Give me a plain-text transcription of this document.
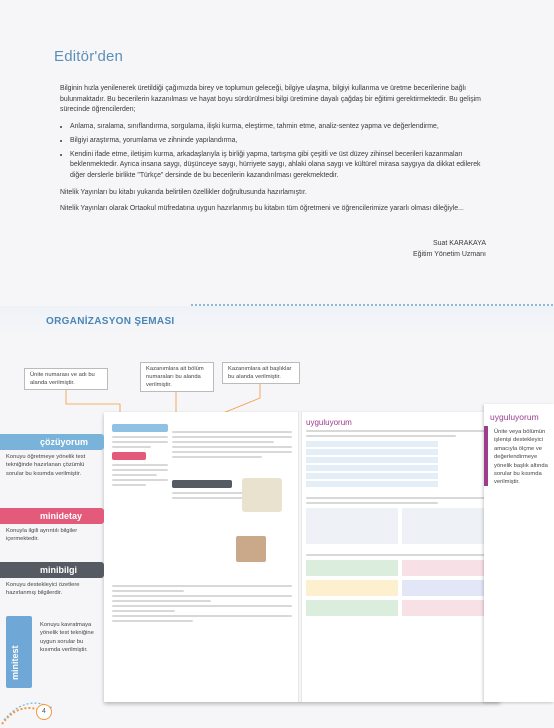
Editör'den

Bilginin hızla yenilenerek üretildiği çağımızda birey ve toplumun geleceği, bilgiye ulaşma, bilgiyi kullanma ve üretme becerilerine bağlı bulunmaktadır. Bu becerilerin kazanılması ve hayat boyu sürdürülmesi bilgi üretimine dayalı çağdaş bir eğitimi gerektirmektedir. Bu gelişim sürecinde öğrencilerden;

• Anlama, sıralama, sınıflandırma, sorgulama, ilişki kurma, eleştirme, tahmin etme, analiz-sentez yapma ve değerlendirme,
• Bilgiyi araştırma, yorumlama ve zihninde yapılandırma,
• Kendini ifade etme, iletişim kurma, arkadaşlarıyla iş birliği yapma, tartışma gibi çeşitli ve üst düzey zihinsel becerileri kazanmaları beklenmektedir. Ayrıca insana saygı, düşünceye saygı, hürriyete saygı, ahlaki olana saygı ve kültürel mirasa saygıya da dikkat edilerek diğer derslerle birlikte "Türkçe" dersinde de bu becerilerin kazandırılması gerekmektedir.

Nitelik Yayınları bu kitabı yukarıda belirtilen özellikler doğrultusunda hazırlamıştır.

Nitelik Yayınları olarak Ortaokul müfredatına uygun hazırlanmış bu kitabın tüm öğretmeni ve öğrencilerimize yararlı olması dileğiyle...

Suat KARAKAYA
Eğitim Yönetim Uzmanı
ORGANİZASYON ŞEMASI
Ünite numarası ve adı bu alanda verilmiştir.
Kazanımlara ait bölüm numaraları bu alanda verilmiştir.
Kazanımlara ait başlıklar bu alanda verilmiştir.
uyguluyorum
çözüyorum
Konuyu öğretmeye yönelik test tekniğinde hazırlanan çözümlü sorular bu kısımda verilmiştir.
minidetay
Konuyla ilgili ayrıntılı bilgiler içermektedir.
minibilgi
Konuyu destekleyici özetlere hazırlanmış bilgilerdir.
minitest
Konuyu kavratmaya yönelik test tekniğine uygun sorular bu kısımda verilmiştir.
uyguluyorum
Ünite veya bölümün işlenişi destekleyici amacıyla ölçme ve değerlendirmeye yönelik başlık altında sorular bu kısımda verilmiştir.
4
